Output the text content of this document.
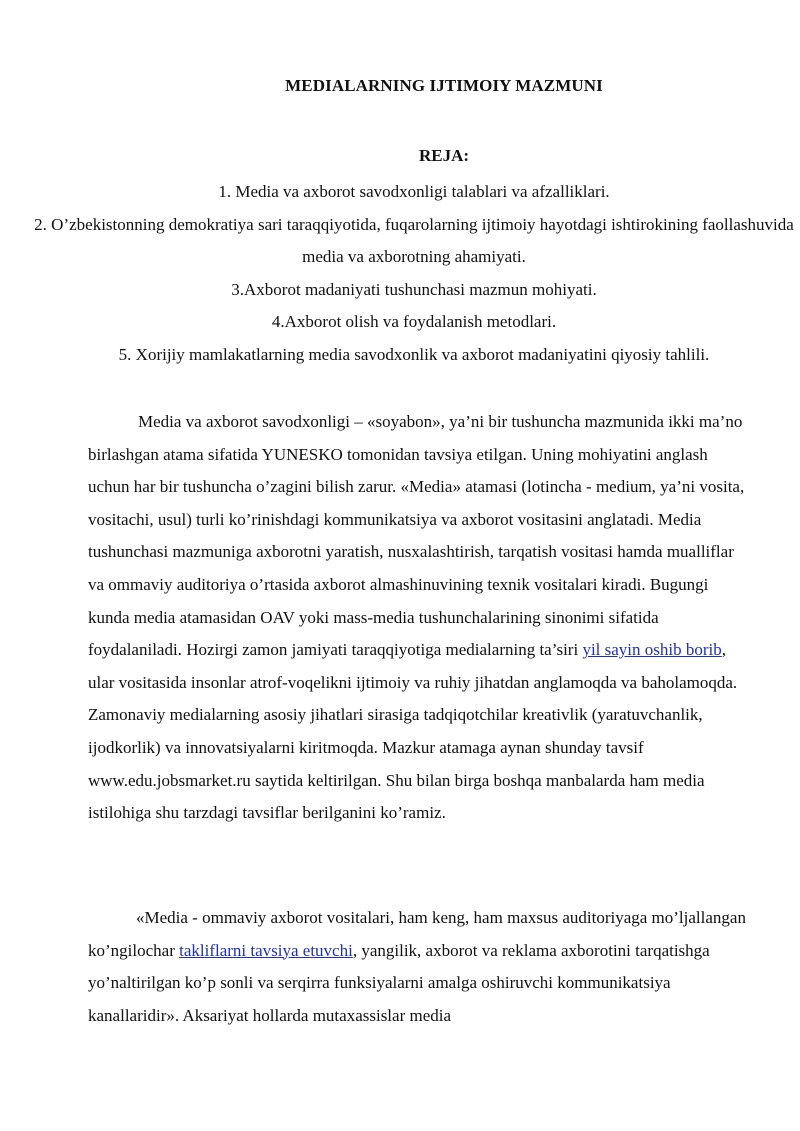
MEDIALARNING IJTIMOIY MAZMUNI
REJA:
1. Media va axborot savodxonligi talablari va afzalliklari.
2. O’zbekistonning demokratiya sari taraqqiyotida, fuqarolarning ijtimoiy hayotdagi ishtirokining faollashuvida media va axborotning ahamiyati.
3.Axborot madaniyati tushunchasi mazmun mohiyati.
4.Axborot olish va foydalanish metodlari.
5. Xorijiy mamlakatlarning media savodxonlik va axborot madaniyatini qiyosiy tahlili.

Media va axborot savodxonligi – «soyabon», ya’ni bir tushuncha mazmunida ikki ma’no birlashgan atama sifatida YUNESKO tomonidan tavsiya etilgan. Uning mohiyatini anglash uchun har bir tushuncha o’zagini bilish zarur. «Media» atamasi (lotincha - medium, ya’ni vosita, vositachi, usul) turli ko’rinishdagi kommunikatsiya va axborot vositasini anglatadi. Media tushunchasi mazmuniga axborotni yaratish, nusxalashtirish, tarqatish vositasi hamda mualliflar va ommaviy auditoriya o’rtasida axborot almashinuvining texnik vositalari kiradi. Bugungi kunda media atamasidan OAV yoki mass-media tushunchalarining sinonimi sifatida foydalaniladi. Hozirgi zamon jamiyati taraqqiyotiga medialarning ta’siri yil sayin oshib borib, ular vositasida insonlar atrof-voqelikni ijtimoiy va ruhiy jihatdan anglamoqda va baholamoqda. Zamonaviy medialarning asosiy jihatlari sirasiga tadqiqotchilar kreativlik (yaratuvchanlik, ijodkorlik) va innovatsiyalarni kiritmoqda. Mazkur atamaga aynan shunday tavsif www.edu.jobsmarket.ru saytida keltirilgan. Shu bilan birga boshqa manbalarda ham media istilohiga shu tarzdagi tavsiflar berilganini ko’ramiz.

«Media - ommaviy axborot vositalari, ham keng, ham maxsus auditoriyaga mo’ljallangan ko’ngilochar takliflarni tavsiya etuvchi, yangilik, axborot va reklama axborotini tarqatishga yo’naltirilgan ko’p sonli va serqirra funksiyalarni amalga oshiruvchi kommunikatsiya kanallaridir». Aksariyat hollarda mutaxassislar media
